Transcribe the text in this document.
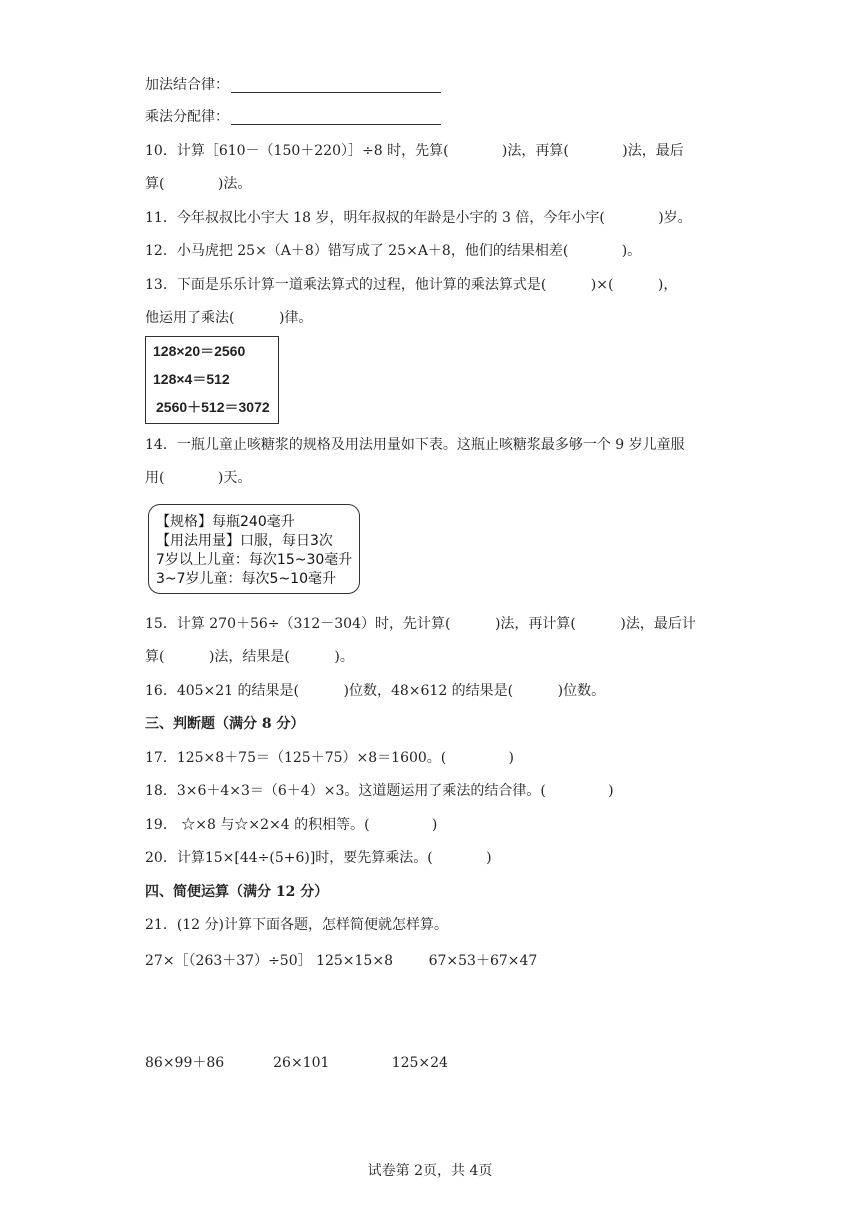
加法结合律：
乘法分配律：
10．计算［610－（150＋220）］÷8 时，先算(            )法，再算(            )法，最后
算(            )法。
11．今年叔叔比小宇大 18 岁，明年叔叔的年龄是小宇的 3 倍，今年小宇(            )岁。
12．小马虎把 25×（A＋8）错写成了 25×A＋8，他们的结果相差(            )。
13．下面是乐乐计算一道乘法算式的过程，他计算的乘法算式是(          )×(          )，
他运用了乘法(          )律。
128×20＝2560
128×4＝512
2560＋512＝3072
14．一瓶儿童止咳糖浆的规格及用法用量如下表。这瓶止咳糖浆最多够一个 9 岁儿童服
用(            )天。
【规格】每瓶240毫升
【用法用量】口服，每日3次
7岁以上儿童：每次15~30毫升
3~7岁儿童：每次5~10毫升
15．计算 270＋56÷（312－304）时，先计算(          )法，再计算(          )法，最后计
算(          )法，结果是(          )。
16．405×21 的结果是(          )位数，48×612 的结果是(          )位数。
三、判断题（满分 8 分）
17．125×8＋75＝（125＋75）×8＝1600。(              )
18．3×6＋4×3＝（6＋4）×3。这道题运用了乘法的结合律。(              )
19． ☆×8 与☆×2×4 的积相等。(              )
20．计算15×[44÷(5+6)]时，要先算乘法。(            )
四、简便运算（满分 12 分）
21．(12 分)计算下面各题，怎样简便就怎样算。
27×［（263＋37）÷50］ 125×15×8        67×53＋67×47
86×99＋86           26×101              125×24
试卷第 2页，共 4页
